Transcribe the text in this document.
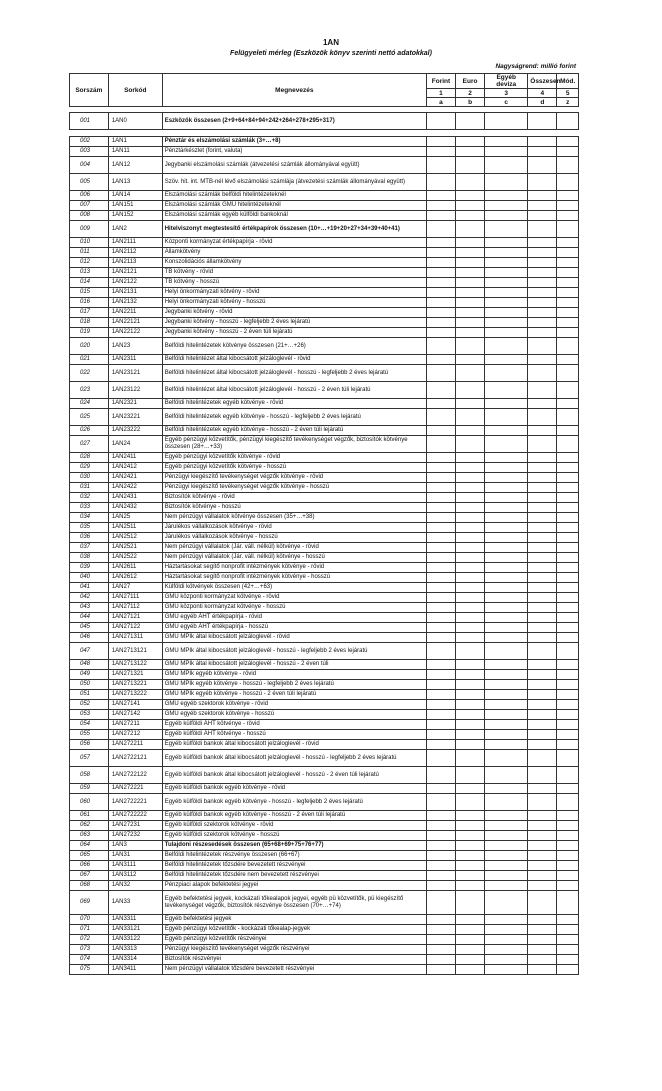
1AN
Felügyeleti mérleg (Eszközök könyv szerinti nettó adatokkal)
Nagyságrend: millió forint
Sorszám	Sorkód	Megnevezés	Forint	Euro	Egyéb deviza	Összesen	Mód.
			1	2	3	4	5
			a	b	c	d	z

001	1AN0	Eszközök összesen (2+9+64+84+94+242+264+278+295+317)					

002	1AN1	Pénztár és elszámolási számlák (3+…+8)					
003	1AN11	Pénztárkészlet (forint, valuta)					
004	1AN12	Jegybanki elszámolási számlák (átvezetési számlák állományával együtt)					
005	1AN13	Szöv. hit. int. MTB-nél lévő elszámolási számlája (átvezetési számlák állományával együtt)					
006	1AN14	Elszámolási számlák belföldi hitelintézeteknél					
007	1AN151	Elszámolási számlák GMU hitelintézeteknél					
008	1AN152	Elszámolási számlák egyéb külföldi bankoknál					
009	1AN2	Hitelviszonyt megtestesítő értékpapírok összesen (10+…+19+20+27+34+39+40+41)					
010	1AN2111	Központi kormányzat értékpapírja - rövid					
011	1AN2112	Államkötvény					
012	1AN2113	Konszolidációs államkötvény					
013	1AN2121	TB kötvény - rövid					
014	1AN2122	TB kötvény - hosszú					
015	1AN2131	Helyi önkormányzati kötvény - rövid					
016	1AN2132	Helyi önkormányzati kötvény - hosszú					
017	1AN2211	Jegybanki kötvény - rövid					
018	1AN22121	Jegybanki kötvény - hosszú - legfeljebb 2 éves lejáratú					
019	1AN22122	Jegybanki kötvény - hosszú - 2 éven túli lejáratú					
020	1AN23	Belföldi hitelintézetek kötvénye összesen (21+…+26)					
021	1AN2311	Belföldi hitelintézet által kibocsátott jelzáloglevél - rövid					
022	1AN23121	Belföldi hitelintézet által kibocsátott jelzáloglevél - hosszú - legfeljebb 2 éves lejáratú					
023	1AN23122	Belföldi hitelintézet által kibocsátott jelzáloglevél - hosszú - 2 éven túli lejáratú					
024	1AN2321	Belföldi hitelintézetek egyéb kötvénye - rövid					
025	1AN23221	Belföldi hitelintézetek egyéb kötvénye - hosszú - legfeljebb 2 éves lejáratú					
026	1AN23222	Belföldi hitelintézetek egyéb kötvénye - hosszú - 2 éven túli lejáratú					
027	1AN24	Egyéb pénzügyi közvetítők, pénzügyi kiegészítő tevékenységet végzők, biztosítók kötvénye összesen (28+…+33)					
028	1AN2411	Egyéb pénzügyi közvetítők kötvénye - rövid					
029	1AN2412	Egyéb pénzügyi közvetítők kötvénye - hosszú					
030	1AN2421	Pénzügyi kiegészítő tevékenységet végzők kötvénye - rövid					
031	1AN2422	Pénzügyi kiegészítő tevékenységet végzők kötvénye - hosszú					
032	1AN2431	Biztosítók kötvénye - rövid					
033	1AN2432	Biztosítók kötvénye - hosszú					
034	1AN25	Nem pénzügyi vállalatok kötvénye összesen (35+…+38)					
035	1AN2511	Járulékos vállalkozások kötvénye - rövid					
036	1AN2512	Járulékos vállalkozások kötvénye - hosszú					
037	1AN2521	Nem pénzügyi vállalatok (Jár. váll. nélkül) kötvénye - rövid					
038	1AN2522	Nem pénzügyi vállalatok (Jár. váll. nélkül) kötvénye - hosszú					
039	1AN2611	Háztartásokat segítő nonprofit intézmények kötvénye - rövid					
040	1AN2612	Háztartásokat segítő nonprofit intézmények kötvénye - hosszú					
041	1AN27	Külföldi kötvények összesen (42+…+63)					
042	1AN27111	GMU központi kormányzat kötvénye - rövid					
043	1AN27112	GMU központi kormányzat kötvénye - hosszú					
044	1AN27121	GMU egyéb ÁHT értékpapírja - rövid					
045	1AN27122	GMU egyéb ÁHT értékpapírja - hosszú					
046	1AN271311	GMU MPIk által kibocsátott jelzáloglevél - rövid					
047	1AN2713121	GMU MPIk által kibocsátott jelzáloglevél - hosszú - legfeljebb 2 éves lejáratú					
048	1AN2713122	GMU MPIk által kibocsátott jelzáloglevél - hosszú - 2 éven túli					
049	1AN271321	GMU MPIk egyéb kötvénye - rövid					
050	1AN2713221	GMU MPIk egyéb kötvénye - hosszú - legfeljebb 2 éves lejáratú					
051	1AN2713222	GMU MPIk egyéb kötvénye - hosszú - 2 éven túli lejáratú					
052	1AN27141	GMU egyéb szektorok kötvénye - rövid					
053	1AN27142	GMU egyéb szektorok kötvénye - hosszú					
054	1AN27211	Egyéb külföldi ÁHT kötvénye - rövid					
055	1AN27212	Egyéb külföldi ÁHT kötvénye - hosszú					
056	1AN272211	Egyéb külföldi bankok által kibocsátott jelzáloglevél - rövid					
057	1AN2722121	Egyéb külföldi bankok által kibocsátott jelzáloglevél - hosszú - legfeljebb 2 éves lejáratú					
058	1AN2722122	Egyéb külföldi bankok által kibocsátott jelzáloglevél - hosszú - 2 éven túli lejáratú					
059	1AN272221	Egyéb külföldi bankok egyéb kötvénye - rövid					
060	1AN2722221	Egyéb külföldi bankok egyéb kötvénye - hosszú - legfeljebb 2 éves lejáratú					
061	1AN2722222	Egyéb külföldi bankok egyéb kötvénye - hosszú - 2 éven túli lejáratú					
062	1AN27231	Egyéb külföldi szektorok kötvénye - rövid					
063	1AN27232	Egyéb külföldi szektorok kötvénye - hosszú					
064	1AN3	Tulajdoni részesedések összesen (65+68+69+75+76+77)					
065	1AN31	Belföldi hitelintézetek részvénye összesen (66+67)					
066	1AN3111	Belföldi hitelintézetek tőzsdére bevezetett részvényei					
067	1AN3112	Belföldi hitelintézetek tőzsdére nem bevezetett részvényei					
068	1AN32	Pénzpiaci alapok befektetési jegyei					
069	1AN33	Egyéb befektetési jegyek, kockázati tőkealapok jegyei, egyéb pü közvetítők, pü kiegészítő tevékenységet végzők, biztosítók részvénye összesen (70+…+74)					
070	1AN3311	Egyéb befektetési jegyek					
071	1AN33121	Egyéb pénzügyi közvetítők - kockázati tőkealap-jegyek					
072	1AN33122	Egyéb pénzügyi közvetítők részvényei					
073	1AN3313	Pénzügyi kiegészítő tevékenységet végzők részvényei					
074	1AN3314	Biztosítók részvényei					
075	1AN3411	Nem pénzügyi vállalatok tőzsdére bevezetett részvényei					
